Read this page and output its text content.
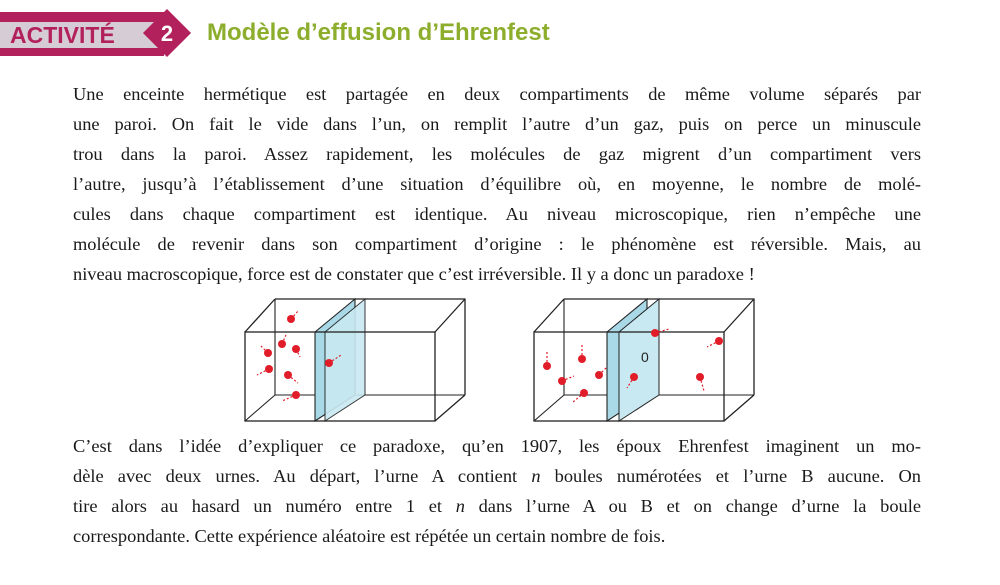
ACTIVITÉ	2	Modèle d’effusion d’Ehrenfest
Une enceinte hermétique est partagée en deux compartiments de même volume séparés par
une paroi. On fait le vide dans l’un, on remplit l’autre d’un gaz, puis on perce un minuscule
trou dans la paroi. Assez rapidement, les molécules de gaz migrent d’un compartiment vers
l’autre, jusqu’à l’établissement d’une situation d’équilibre où, en moyenne, le nombre de molé-
cules dans chaque compartiment est identique. Au niveau microscopique, rien n’empêche une
molécule de revenir dans son compartiment d’origine : le phénomène est réversible. Mais, au
niveau macroscopique, force est de constater que c’est irréversible. Il y a donc un paradoxe !
0
C’est dans l’idée d’expliquer ce paradoxe, qu’en 1907, les époux Ehrenfest imaginent un mo-
dèle avec deux urnes. Au départ, l’urne A contient n boules numérotées et l’urne B aucune. On
tire alors au hasard un numéro entre 1 et n dans l’urne A ou B et on change d’urne la boule
correspondante. Cette expérience aléatoire est répétée un certain nombre de fois.
